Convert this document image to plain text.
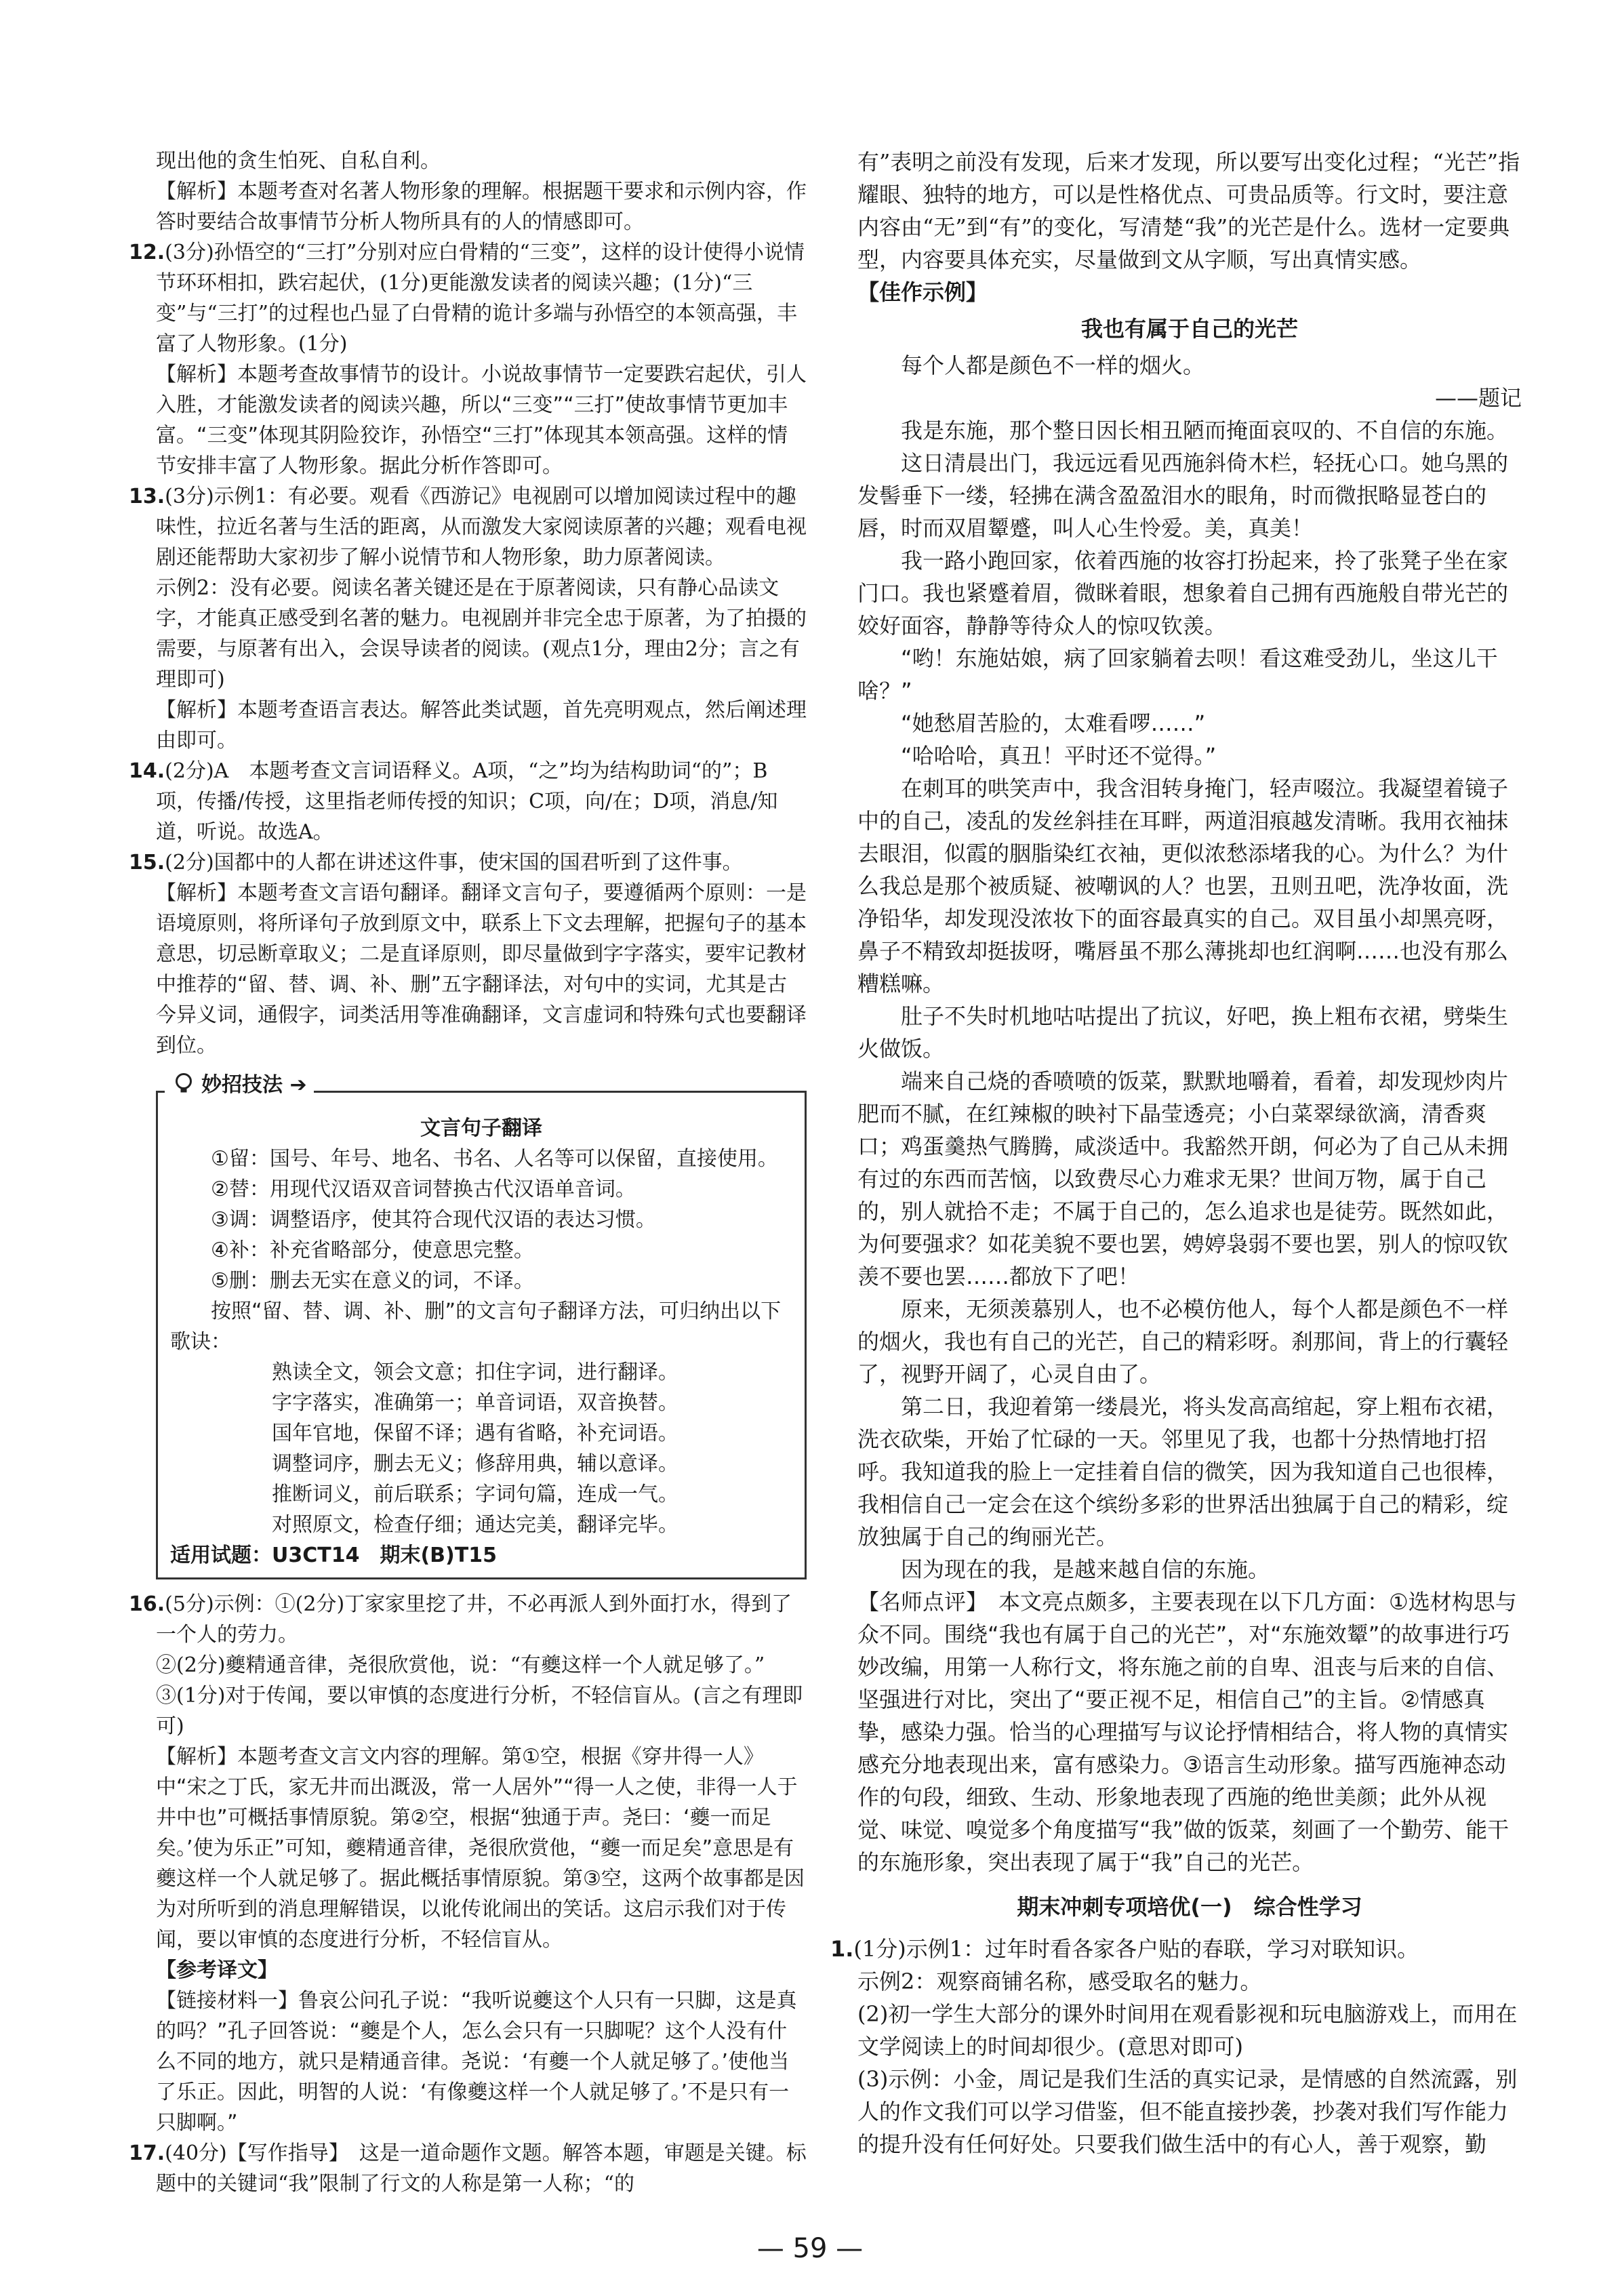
现出他的贪生怕死、自私自利。

【解析】本题考查对名著人物形象的理解。根据题干要求和示例内容，作答时要结合故事情节分析人物所具有的人的情感即可。

12.(3分)孙悟空的“三打”分别对应白骨精的“三变”，这样的设计使得小说情节环环相扣，跌宕起伏，(1分)更能激发读者的阅读兴趣；(1分)“三变”与“三打”的过程也凸显了白骨精的诡计多端与孙悟空的本领高强，丰富了人物形象。(1分)

【解析】本题考查故事情节的设计。小说故事情节一定要跌宕起伏，引人入胜，才能激发读者的阅读兴趣，所以“三变”“三打”使故事情节更加丰富。“三变”体现其阴险狡诈，孙悟空“三打”体现其本领高强。这样的情节安排丰富了人物形象。据此分析作答即可。

13.(3分)示例1：有必要。观看《西游记》电视剧可以增加阅读过程中的趣味性，拉近名著与生活的距离，从而激发大家阅读原著的兴趣；观看电视剧还能帮助大家初步了解小说情节和人物形象，助力原著阅读。

示例2：没有必要。阅读名著关键还是在于原著阅读，只有静心品读文字，才能真正感受到名著的魅力。电视剧并非完全忠于原著，为了拍摄的需要，与原著有出入，会误导读者的阅读。(观点1分，理由2分；言之有理即可)

【解析】本题考查语言表达。解答此类试题，首先亮明观点，然后阐述理由即可。

14.(2分)A　本题考查文言词语释义。A项，“之”均为结构助词“的”；B项，传播/传授，这里指老师传授的知识；C项，向/在；D项，消息/知道，听说。故选A。

15.(2分)国都中的人都在讲述这件事，使宋国的国君听到了这件事。

【解析】本题考查文言语句翻译。翻译文言句子，要遵循两个原则：一是语境原则，将所译句子放到原文中，联系上下文去理解，把握句子的基本意思，切忌断章取义；二是直译原则，即尽量做到字字落实，要牢记教材中推荐的“留、替、调、补、删”五字翻译法，对句中的实词，尤其是古今异义词，通假字，词类活用等准确翻译，文言虚词和特殊句式也要翻译到位。

妙招技法 ➔

文言句子翻译

①留：国号、年号、地名、书名、人名等可以保留，直接使用。

②替：用现代汉语双音词替换古代汉语单音词。

③调：调整语序，使其符合现代汉语的表达习惯。

④补：补充省略部分，使意思完整。

⑤删：删去无实在意义的词，不译。

按照“留、替、调、补、删”的文言句子翻译方法，可归纳出以下歌诀：

熟读全文，领会文意；扣住字词，进行翻译。

字字落实，准确第一；单音词语，双音换替。

国年官地，保留不译；遇有省略，补充词语。

调整词序，删去无义；修辞用典，辅以意译。

推断词义，前后联系；字词句篇，连成一气。

对照原文，检查仔细；通达完美，翻译完毕。

适用试题：U3CT14　期末(B)T15

16.(5分)示例：①(2分)丁家家里挖了井，不必再派人到外面打水，得到了一个人的劳力。

②(2分)夔精通音律，尧很欣赏他，说：“有夔这样一个人就足够了。”

③(1分)对于传闻，要以审慎的态度进行分析，不轻信盲从。(言之有理即可)

【解析】本题考查文言文内容的理解。第①空，根据《穿井得一人》中“宋之丁氏，家无井而出溉汲，常一人居外”“得一人之使，非得一人于井中也”可概括事情原貌。第②空，根据“独通于声。尧曰：‘夔一而足矣。’使为乐正”可知，夔精通音律，尧很欣赏他，“夔一而足矣”意思是有夔这样一个人就足够了。据此概括事情原貌。第③空，这两个故事都是因为对所听到的消息理解错误，以讹传讹闹出的笑话。这启示我们对于传闻，要以审慎的态度进行分析，不轻信盲从。

【参考译文】

【链接材料一】鲁哀公问孔子说：“我听说夔这个人只有一只脚，这是真的吗？”孔子回答说：“夔是个人，怎么会只有一只脚呢？这个人没有什么不同的地方，就只是精通音律。尧说：‘有夔一个人就足够了。’使他当了乐正。因此，明智的人说：‘有像夔这样一个人就足够了。’不是只有一只脚啊。”

17.(40分)【写作指导】　这是一道命题作文题。解答本题，审题是关键。标题中的关键词“我”限制了行文的人称是第一人称；“的

有”表明之前没有发现，后来才发现，所以要写出变化过程；“光芒”指耀眼、独特的地方，可以是性格优点、可贵品质等。行文时，要注意内容由“无”到“有”的变化，写清楚“我”的光芒是什么。选材一定要典型，内容要具体充实，尽量做到文从字顺，写出真情实感。

【佳作示例】

我也有属于自己的光芒

每个人都是颜色不一样的烟火。

——题记

我是东施，那个整日因长相丑陋而掩面哀叹的、不自信的东施。

这日清晨出门，我远远看见西施斜倚木栏，轻抚心口。她乌黑的发髻垂下一缕，轻拂在满含盈盈泪水的眼角，时而微抿略显苍白的唇，时而双眉颦蹙，叫人心生怜爱。美，真美！

我一路小跑回家，依着西施的妆容打扮起来，拎了张凳子坐在家门口。我也紧蹙着眉，微眯着眼，想象着自己拥有西施般自带光芒的姣好面容，静静等待众人的惊叹钦羡。

“哟！东施姑娘，病了回家躺着去呗！看这难受劲儿，坐这儿干啥？”

“她愁眉苦脸的，太难看啰……”

“哈哈哈，真丑！平时还不觉得。”

在刺耳的哄笑声中，我含泪转身掩门，轻声啜泣。我凝望着镜子中的自己，凌乱的发丝斜挂在耳畔，两道泪痕越发清晰。我用衣袖抹去眼泪，似霞的胭脂染红衣袖，更似浓愁添堵我的心。为什么？为什么我总是那个被质疑、被嘲讽的人？也罢，丑则丑吧，洗净妆面，洗净铅华，却发现没浓妆下的面容最真实的自己。双目虽小却黑亮呀，鼻子不精致却挺拔呀，嘴唇虽不那么薄挑却也红润啊……也没有那么糟糕嘛。

肚子不失时机地咕咕提出了抗议，好吧，换上粗布衣裙，劈柴生火做饭。

端来自己烧的香喷喷的饭菜，默默地嚼着，看着，却发现炒肉片肥而不腻，在红辣椒的映衬下晶莹透亮；小白菜翠绿欲滴，清香爽口；鸡蛋羹热气腾腾，咸淡适中。我豁然开朗，何必为了自己从未拥有过的东西而苦恼，以致费尽心力难求无果？世间万物，属于自己的，别人就拾不走；不属于自己的，怎么追求也是徒劳。既然如此，为何要强求？如花美貌不要也罢，娉婷袅弱不要也罢，别人的惊叹钦羡不要也罢……都放下了吧！

原来，无须羡慕别人，也不必模仿他人，每个人都是颜色不一样的烟火，我也有自己的光芒，自己的精彩呀。刹那间，背上的行囊轻了，视野开阔了，心灵自由了。

第二日，我迎着第一缕晨光，将头发高高绾起，穿上粗布衣裙，洗衣砍柴，开始了忙碌的一天。邻里见了我，也都十分热情地打招呼。我知道我的脸上一定挂着自信的微笑，因为我知道自己也很棒，我相信自己一定会在这个缤纷多彩的世界活出独属于自己的精彩，绽放独属于自己的绚丽光芒。

因为现在的我，是越来越自信的东施。

【名师点评】　本文亮点颇多，主要表现在以下几方面：①选材构思与众不同。围绕“我也有属于自己的光芒”，对“东施效颦”的故事进行巧妙改编，用第一人称行文，将东施之前的自卑、沮丧与后来的自信、坚强进行对比，突出了“要正视不足，相信自己”的主旨。②情感真挚，感染力强。恰当的心理描写与议论抒情相结合，将人物的真情实感充分地表现出来，富有感染力。③语言生动形象。描写西施神态动作的句段，细致、生动、形象地表现了西施的绝世美颜；此外从视觉、味觉、嗅觉多个角度描写“我”做的饭菜，刻画了一个勤劳、能干的东施形象，突出表现了属于“我”自己的光芒。

期末冲刺专项培优(一)　综合性学习

1.(1分)示例1：过年时看各家各户贴的春联，学习对联知识。

示例2：观察商铺名称，感受取名的魅力。

(2)初一学生大部分的课外时间用在观看影视和玩电脑游戏上，而用在文学阅读上的时间却很少。(意思对即可)

(3)示例：小金，周记是我们生活的真实记录，是情感的自然流露，别人的作文我们可以学习借鉴，但不能直接抄袭，抄袭对我们写作能力的提升没有任何好处。只要我们做生活中的有心人，善于观察，勤

— 59 —
